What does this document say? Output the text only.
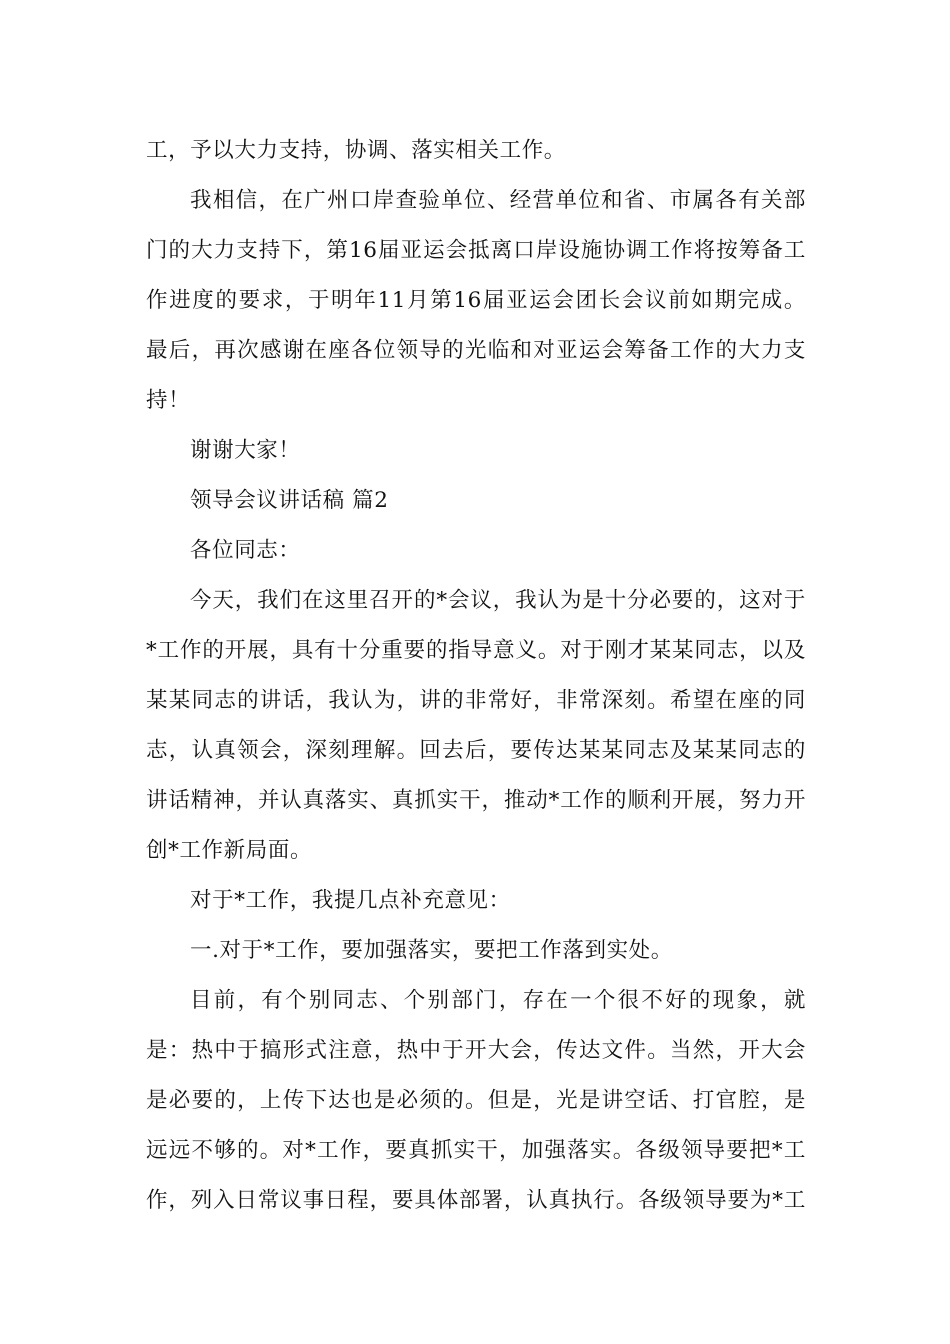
工，予以大力支持，协调、落实相关工作。
我相信，在广州口岸查验单位、经营单位和省、市属各有关部
门的大力支持下，第16届亚运会抵离口岸设施协调工作将按筹备工
作进度的要求，于明年11月第16届亚运会团长会议前如期完成。
最后，再次感谢在座各位领导的光临和对亚运会筹备工作的大力支
持！
谢谢大家！
领导会议讲话稿 篇2
各位同志：
今天，我们在这里召开的*会议，我认为是十分必要的，这对于
*工作的开展，具有十分重要的指导意义。对于刚才某某同志，以及
某某同志的讲话，我认为，讲的非常好，非常深刻。希望在座的同
志，认真领会，深刻理解。回去后，要传达某某同志及某某同志的
讲话精神，并认真落实、真抓实干，推动*工作的顺利开展，努力开
创*工作新局面。
对于*工作，我提几点补充意见：
一.对于*工作，要加强落实，要把工作落到实处。
目前，有个别同志、个别部门，存在一个很不好的现象，就
是：热中于搞形式注意，热中于开大会，传达文件。当然，开大会
是必要的，上传下达也是必须的。但是，光是讲空话、打官腔，是
远远不够的。对*工作，要真抓实干，加强落实。各级领导要把*工
作，列入日常议事日程，要具体部署，认真执行。各级领导要为*工
